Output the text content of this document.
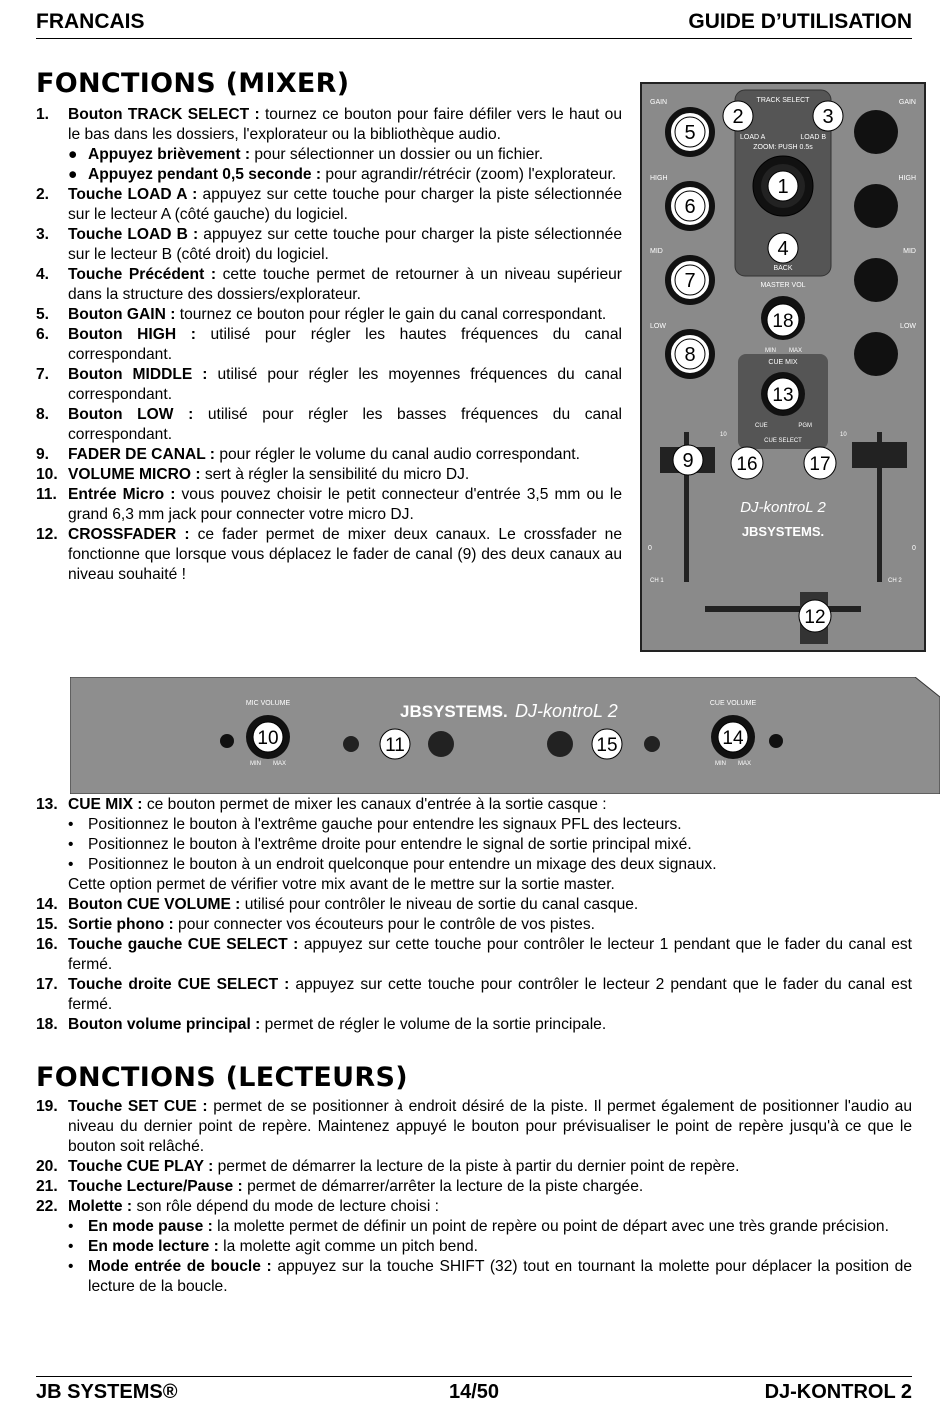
FRANCAIS	GUIDE D’UTILISATION
FONCTIONS (MIXER)
1. Bouton TRACK SELECT : tournez ce bouton pour faire défiler vers le haut ou le bas dans les dossiers, l'explorateur ou la bibliothèque audio.
● Appuyez brièvement : pour sélectionner un dossier ou un fichier.
● Appuyez pendant 0,5 seconde : pour agrandir/rétrécir (zoom) l'explorateur.
2. Touche LOAD A : appuyez sur cette touche pour charger la piste sélectionnée sur le lecteur A (côté gauche) du logiciel.
3. Touche LOAD B : appuyez sur cette touche pour charger la piste sélectionnée sur le lecteur B (côté droit) du logiciel.
4. Touche Précédent : cette touche permet de retourner à un niveau supérieur dans la structure des dossiers/explorateur.
5. Bouton GAIN : tournez ce bouton pour régler le gain du canal correspondant.
6. Bouton HIGH : utilisé pour régler les hautes fréquences du canal correspondant.
7. Bouton MIDDLE : utilisé pour régler les moyennes fréquences du canal correspondant.
8. Bouton LOW : utilisé pour régler les basses fréquences du canal correspondant.
9. FADER DE CANAL : pour régler le volume du canal audio correspondant.
10. VOLUME MICRO : sert à régler la sensibilité du micro DJ.
11. Entrée Micro : vous pouvez choisir le petit connecteur d'entrée 3,5 mm ou le grand 6,3 mm jack pour connecter votre micro DJ.
12. CROSSFADER : ce fader permet de mixer deux canaux. Le crossfader ne fonctionne que lorsque vous déplacez le fader de canal (9) des deux canaux au niveau souhaité !
TRACK SELECT
LOAD A	LOAD B
ZOOM: PUSH 0.5s
BACK
MASTER VOL
MIN MAX
CUE MIX
CUE	PGM
CUE SELECT
GAIN
HIGH
MID
LOW
GAIN
HIGH
MID
LOW
10	10
0	0
CH 1	CH 2
DJ-kontroL 2
JBSYSTEMS.
2	3
5
1
6
4
7
18
8
13
9 16	17
12
MIC VOLUME	CUE VOLUME
JBSYSTEMS. DJ-kontroL 2
MIN MAX	MIN MAX
10	11	15	14
13. CUE MIX : ce bouton permet de mixer les canaux d'entrée à la sortie casque :
• Positionnez le bouton à l'extrême gauche pour entendre les signaux PFL des lecteurs.
• Positionnez le bouton à l'extrême droite pour entendre le signal de sortie principal mixé.
• Positionnez le bouton à un endroit quelconque pour entendre un mixage des deux signaux.
Cette option permet de vérifier votre mix avant de le mettre sur la sortie master.
14. Bouton CUE VOLUME : utilisé pour contrôler le niveau de sortie du canal casque.
15. Sortie phono : pour connecter vos écouteurs pour le contrôle de vos pistes.
16. Touche gauche CUE SELECT : appuyez sur cette touche pour contrôler le lecteur 1 pendant que le fader du canal est fermé.
17. Touche droite CUE SELECT : appuyez sur cette touche pour contrôler le lecteur 2 pendant que le fader du canal est fermé.
18. Bouton volume principal : permet de régler le volume de la sortie principale.
FONCTIONS (LECTEURS)
19. Touche SET CUE : permet de se positionner à endroit désiré de la piste. Il permet également de positionner l'audio au niveau du dernier point de repère. Maintenez appuyé le bouton pour prévisualiser le point de repère jusqu'à ce que le bouton soit relâché.
20. Touche CUE PLAY : permet de démarrer la lecture de la piste à partir du dernier point de repère.
21. Touche Lecture/Pause : permet de démarrer/arrêter la lecture de la piste chargée.
22. Molette : son rôle dépend du mode de lecture choisi :
• En mode pause : la molette permet de définir un point de repère ou point de départ avec une très grande précision.
• En mode lecture : la molette agit comme un pitch bend.
• Mode entrée de boucle : appuyez sur la touche SHIFT (32) tout en tournant la molette pour déplacer la position de lecture de la boucle.
JB SYSTEMS®	14/50	DJ-KONTROL 2
